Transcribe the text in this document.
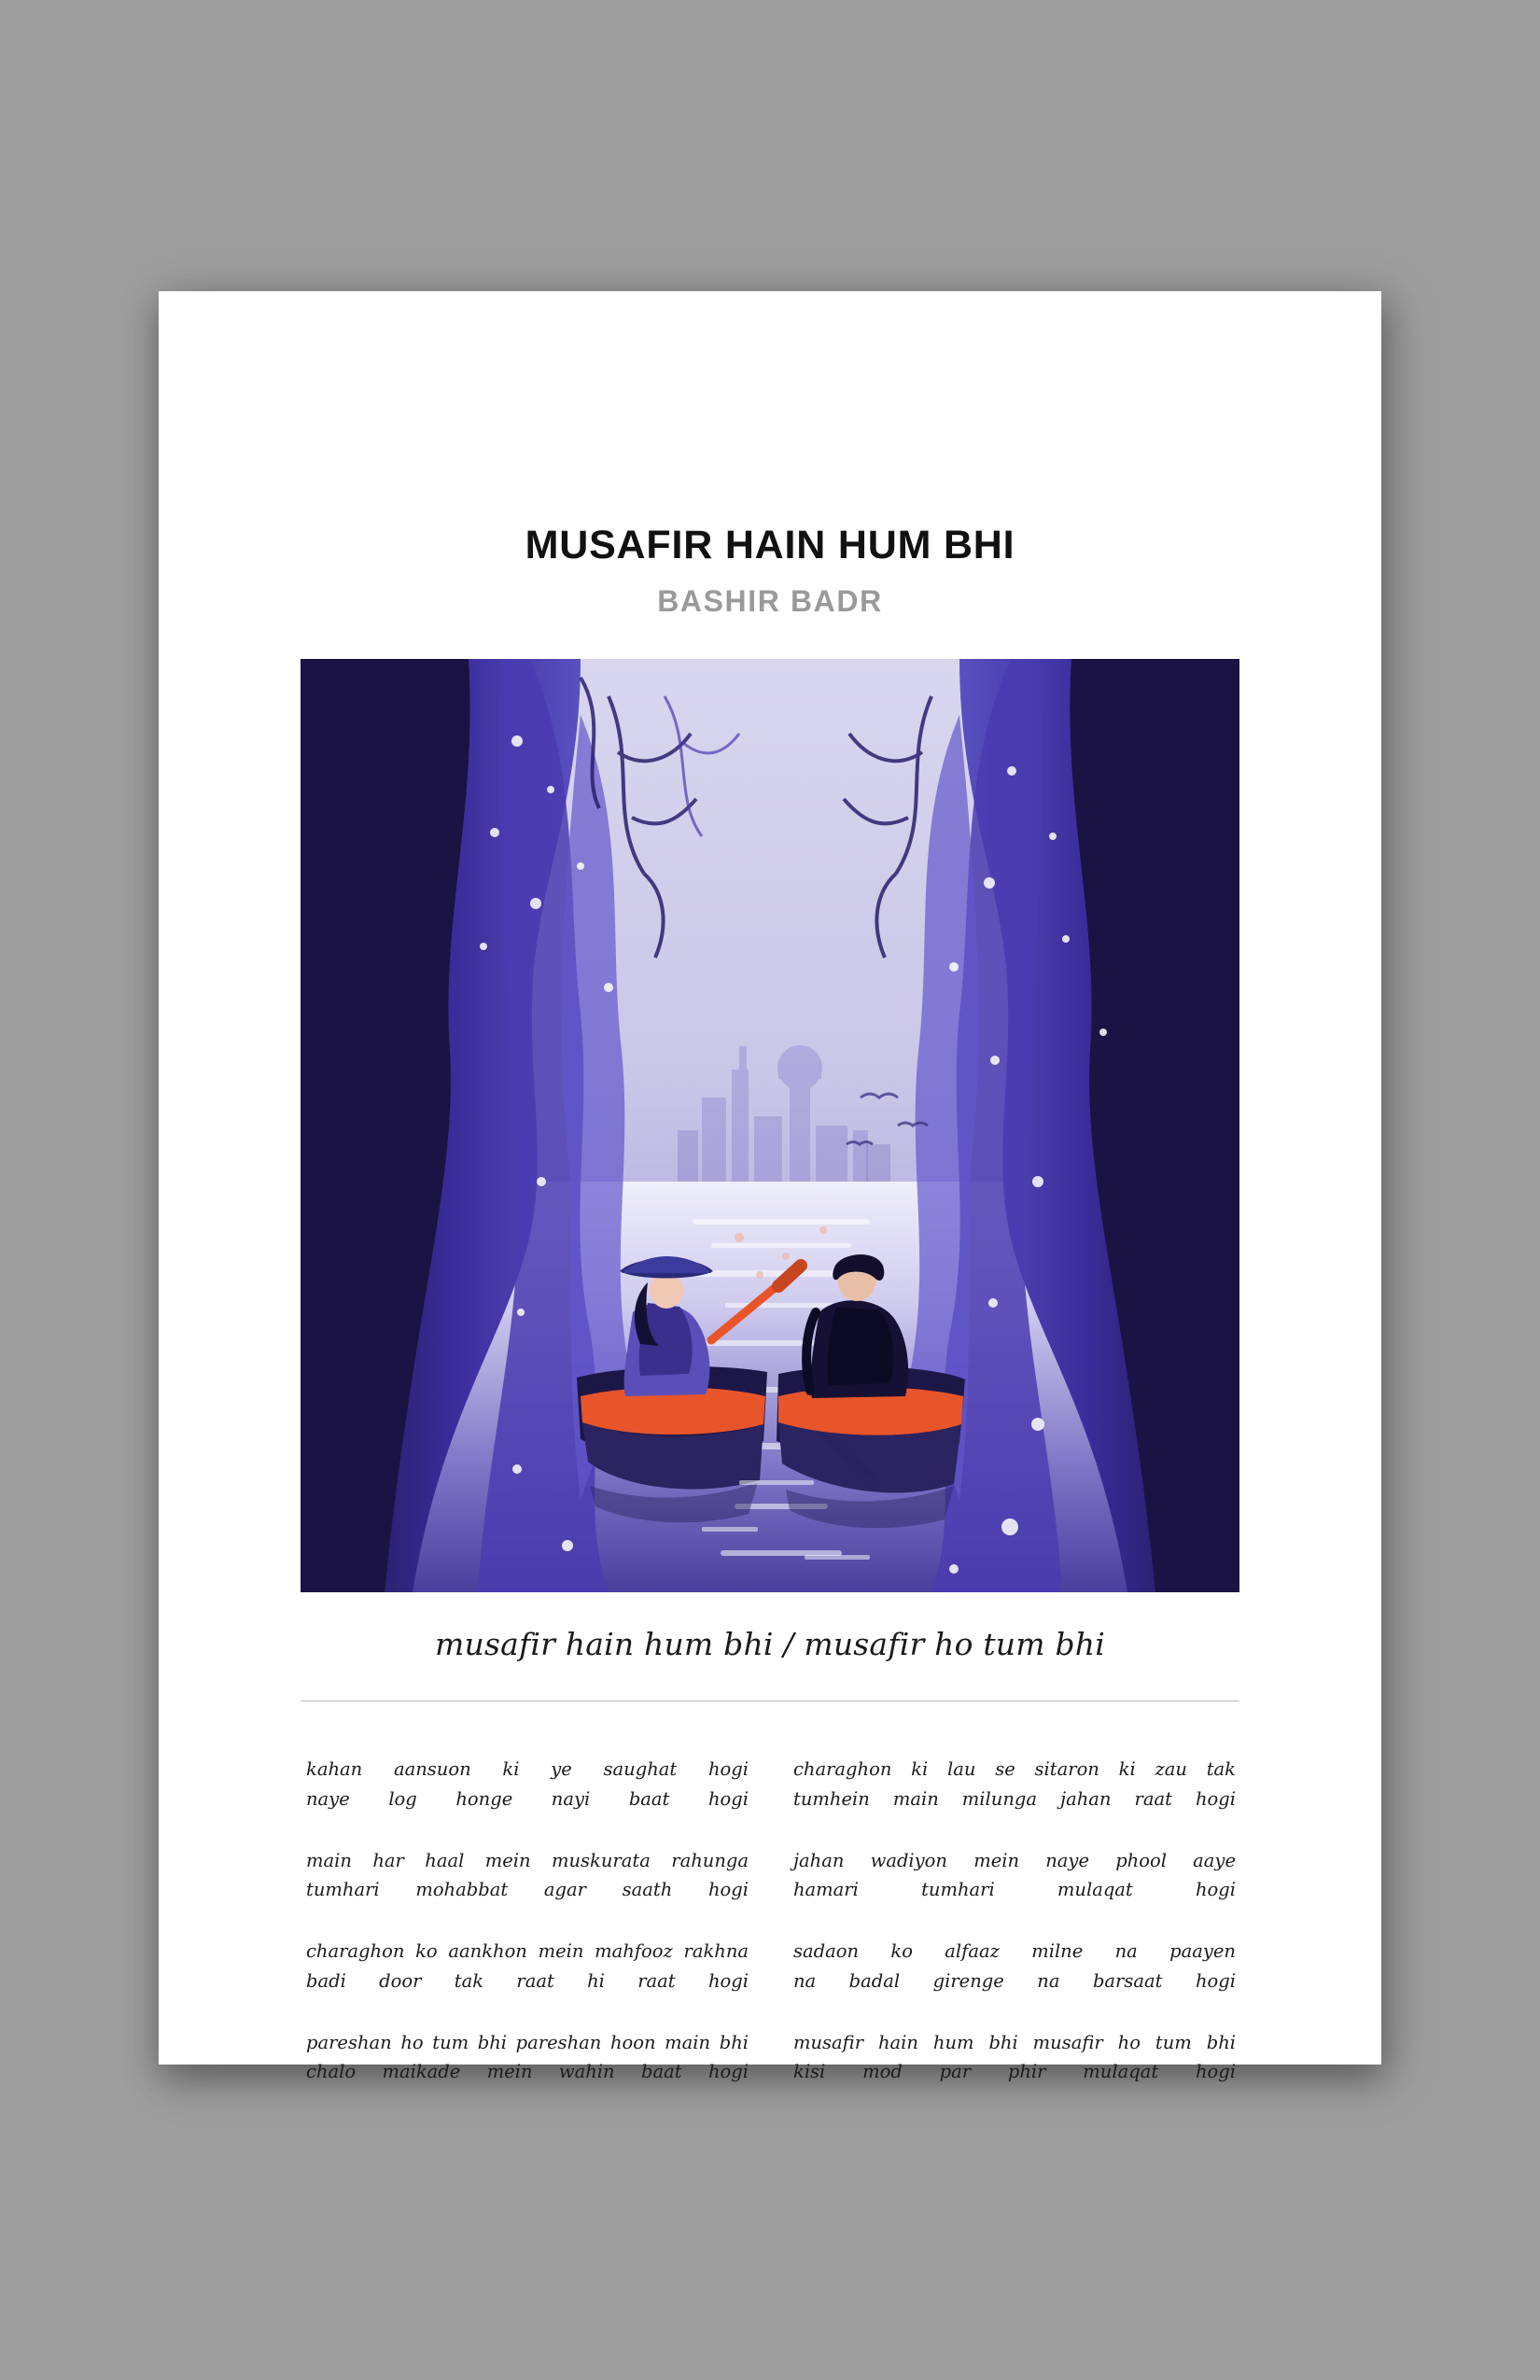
MUSAFIR HAIN HUM BHI
BASHIR BADR
musafir hain hum bhi / musafir ho tum bhi
kahan aansuon ki ye saughat hogi
naye log honge nayi baat hogi
main har haal mein muskurata rahunga
tumhari mohabbat agar saath hogi
charaghon ko aankhon mein mahfooz rakhna
badi door tak raat hi raat hogi
pareshan ho tum bhi pareshan hoon main bhi
chalo maikade mein wahin baat hogi
charaghon ki lau se sitaron ki zau tak
tumhein main milunga jahan raat hogi
jahan wadiyon mein naye phool aaye
hamari tumhari mulaqat hogi
sadaon ko alfaaz milne na paayen
na badal girenge na barsaat hogi
musafir hain hum bhi musafir ho tum bhi
kisi mod par phir mulaqat hogi
